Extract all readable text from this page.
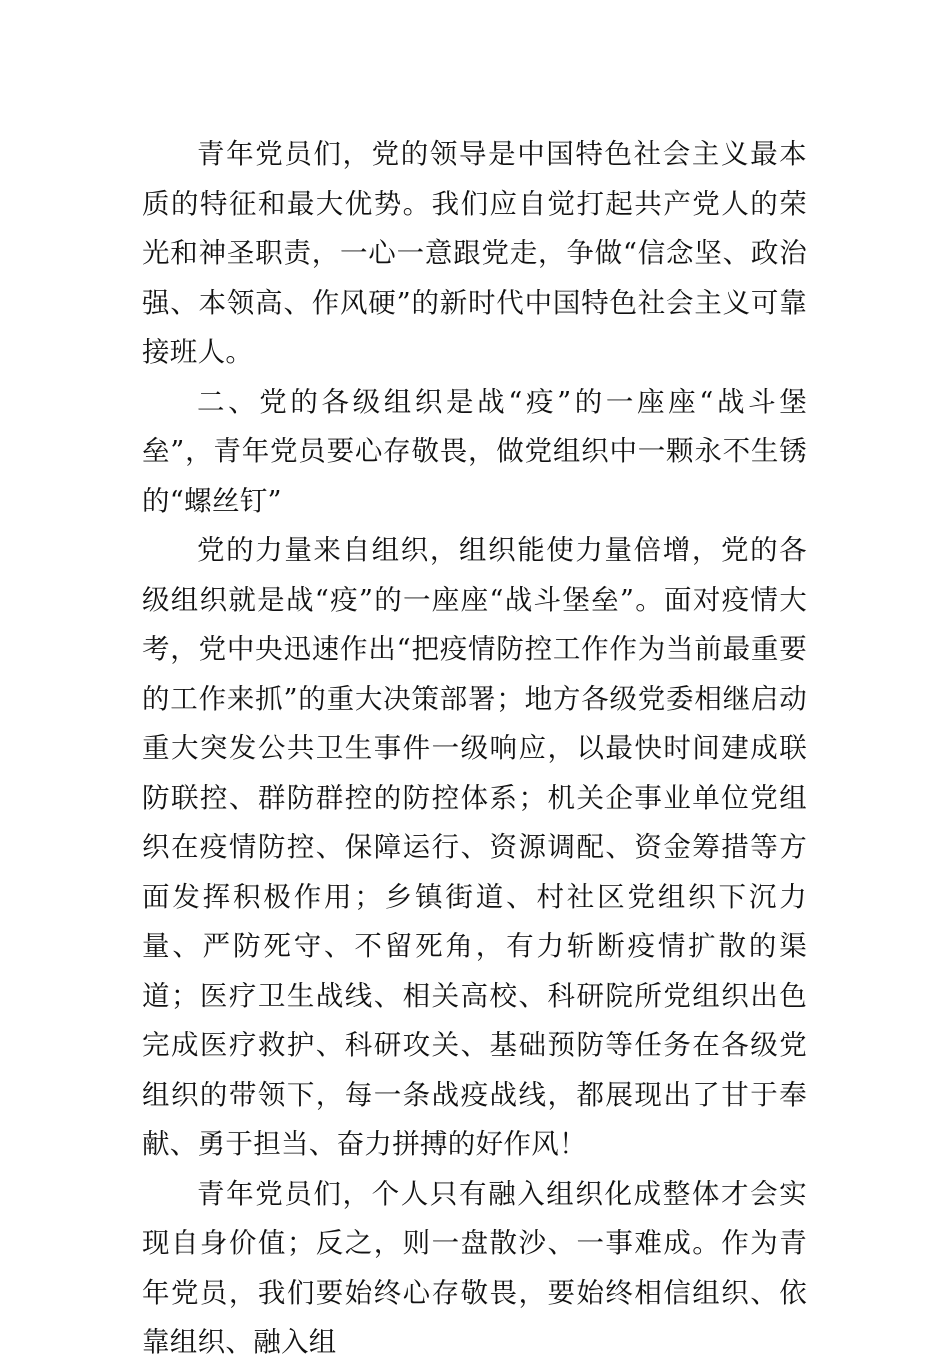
青年党员们，党的领导是中国特色社会主义最本质的特征和最大优势。我们应自觉打起共产党人的荣光和神圣职责，一心一意跟党走，争做“信念坚、政治强、本领高、作风硬”的新时代中国特色社会主义可靠接班人。

二、党的各级组织是战“疫”的一座座“战斗堡垒”，青年党员要心存敬畏，做党组织中一颗永不生锈的“螺丝钉”

党的力量来自组织，组织能使力量倍增，党的各级组织就是战“疫”的一座座“战斗堡垒”。面对疫情大考，党中央迅速作出“把疫情防控工作作为当前最重要的工作来抓”的重大决策部署；地方各级党委相继启动重大突发公共卫生事件一级响应，以最快时间建成联防联控、群防群控的防控体系；机关企事业单位党组织在疫情防控、保障运行、资源调配、资金筹措等方面发挥积极作用；乡镇街道、村社区党组织下沉力量、严防死守、不留死角，有力斩断疫情扩散的渠道；医疗卫生战线、相关高校、科研院所党组织出色完成医疗救护、科研攻关、基础预防等任务在各级党组织的带领下，每一条战疫战线，都展现出了甘于奉献、勇于担当、奋力拼搏的好作风！

青年党员们，个人只有融入组织化成整体才会实现自身价值；反之，则一盘散沙、一事难成。作为青年党员，我们要始终心存敬畏，要始终相信组织、依靠组织、融入组
